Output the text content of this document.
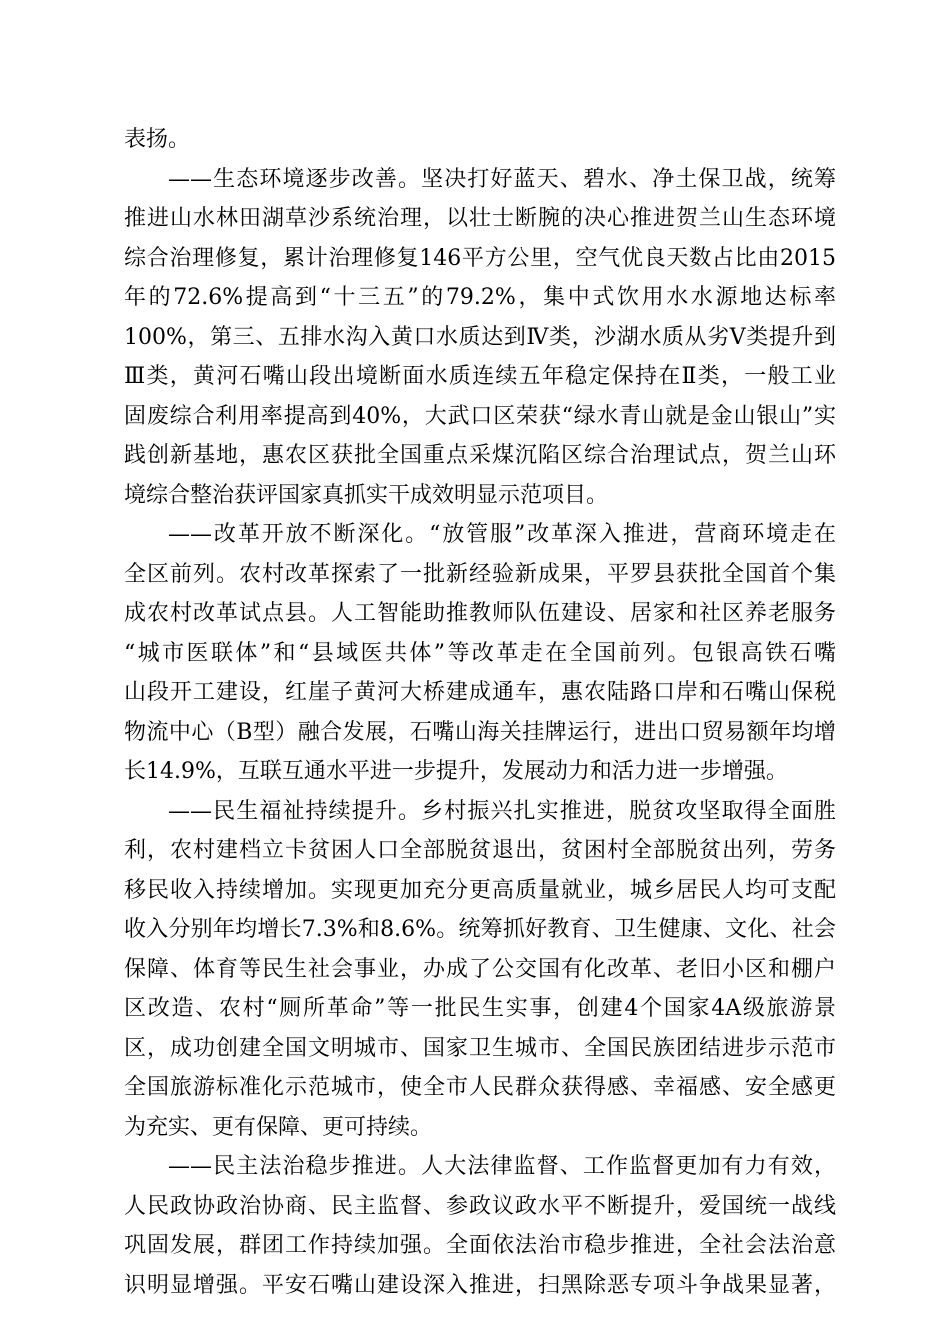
表扬。
——生态环境逐步改善。坚决打好蓝天、碧水、净土保卫战，统筹
推进山水林田湖草沙系统治理，以壮士断腕的决心推进贺兰山生态环境
综合治理修复，累计治理修复146平方公里，空气优良天数占比由2015
年的72.6%提高到“十三五”的79.2%，集中式饮用水水源地达标率
100%，第三、五排水沟入黄口水质达到Ⅳ类，沙湖水质从劣Ⅴ类提升到
Ⅲ类，黄河石嘴山段出境断面水质连续五年稳定保持在Ⅱ类，一般工业
固废综合利用率提高到40%，大武口区荣获“绿水青山就是金山银山”实
践创新基地，惠农区获批全国重点采煤沉陷区综合治理试点，贺兰山环
境综合整治获评国家真抓实干成效明显示范项目。
——改革开放不断深化。“放管服”改革深入推进，营商环境走在
全区前列。农村改革探索了一批新经验新成果，平罗县获批全国首个集
成农村改革试点县。人工智能助推教师队伍建设、居家和社区养老服务
“城市医联体”和“县域医共体”等改革走在全国前列。包银高铁石嘴
山段开工建设，红崖子黄河大桥建成通车，惠农陆路口岸和石嘴山保税
物流中心（B型）融合发展，石嘴山海关挂牌运行，进出口贸易额年均增
长14.9%，互联互通水平进一步提升，发展动力和活力进一步增强。
——民生福祉持续提升。乡村振兴扎实推进，脱贫攻坚取得全面胜
利，农村建档立卡贫困人口全部脱贫退出，贫困村全部脱贫出列，劳务
移民收入持续增加。实现更加充分更高质量就业，城乡居民人均可支配
收入分别年均增长7.3%和8.6%。统筹抓好教育、卫生健康、文化、社会
保障、体育等民生社会事业，办成了公交国有化改革、老旧小区和棚户
区改造、农村“厕所革命”等一批民生实事，创建4个国家4A级旅游景
区，成功创建全国文明城市、国家卫生城市、全国民族团结进步示范市
全国旅游标准化示范城市，使全市人民群众获得感、幸福感、安全感更
为充实、更有保障、更可持续。
——民主法治稳步推进。人大法律监督、工作监督更加有力有效，
人民政协政治协商、民主监督、参政议政水平不断提升，爱国统一战线
巩固发展，群团工作持续加强。全面依法治市稳步推进，全社会法治意
识明显增强。平安石嘴山建设深入推进，扫黑除恶专项斗争战果显著，
